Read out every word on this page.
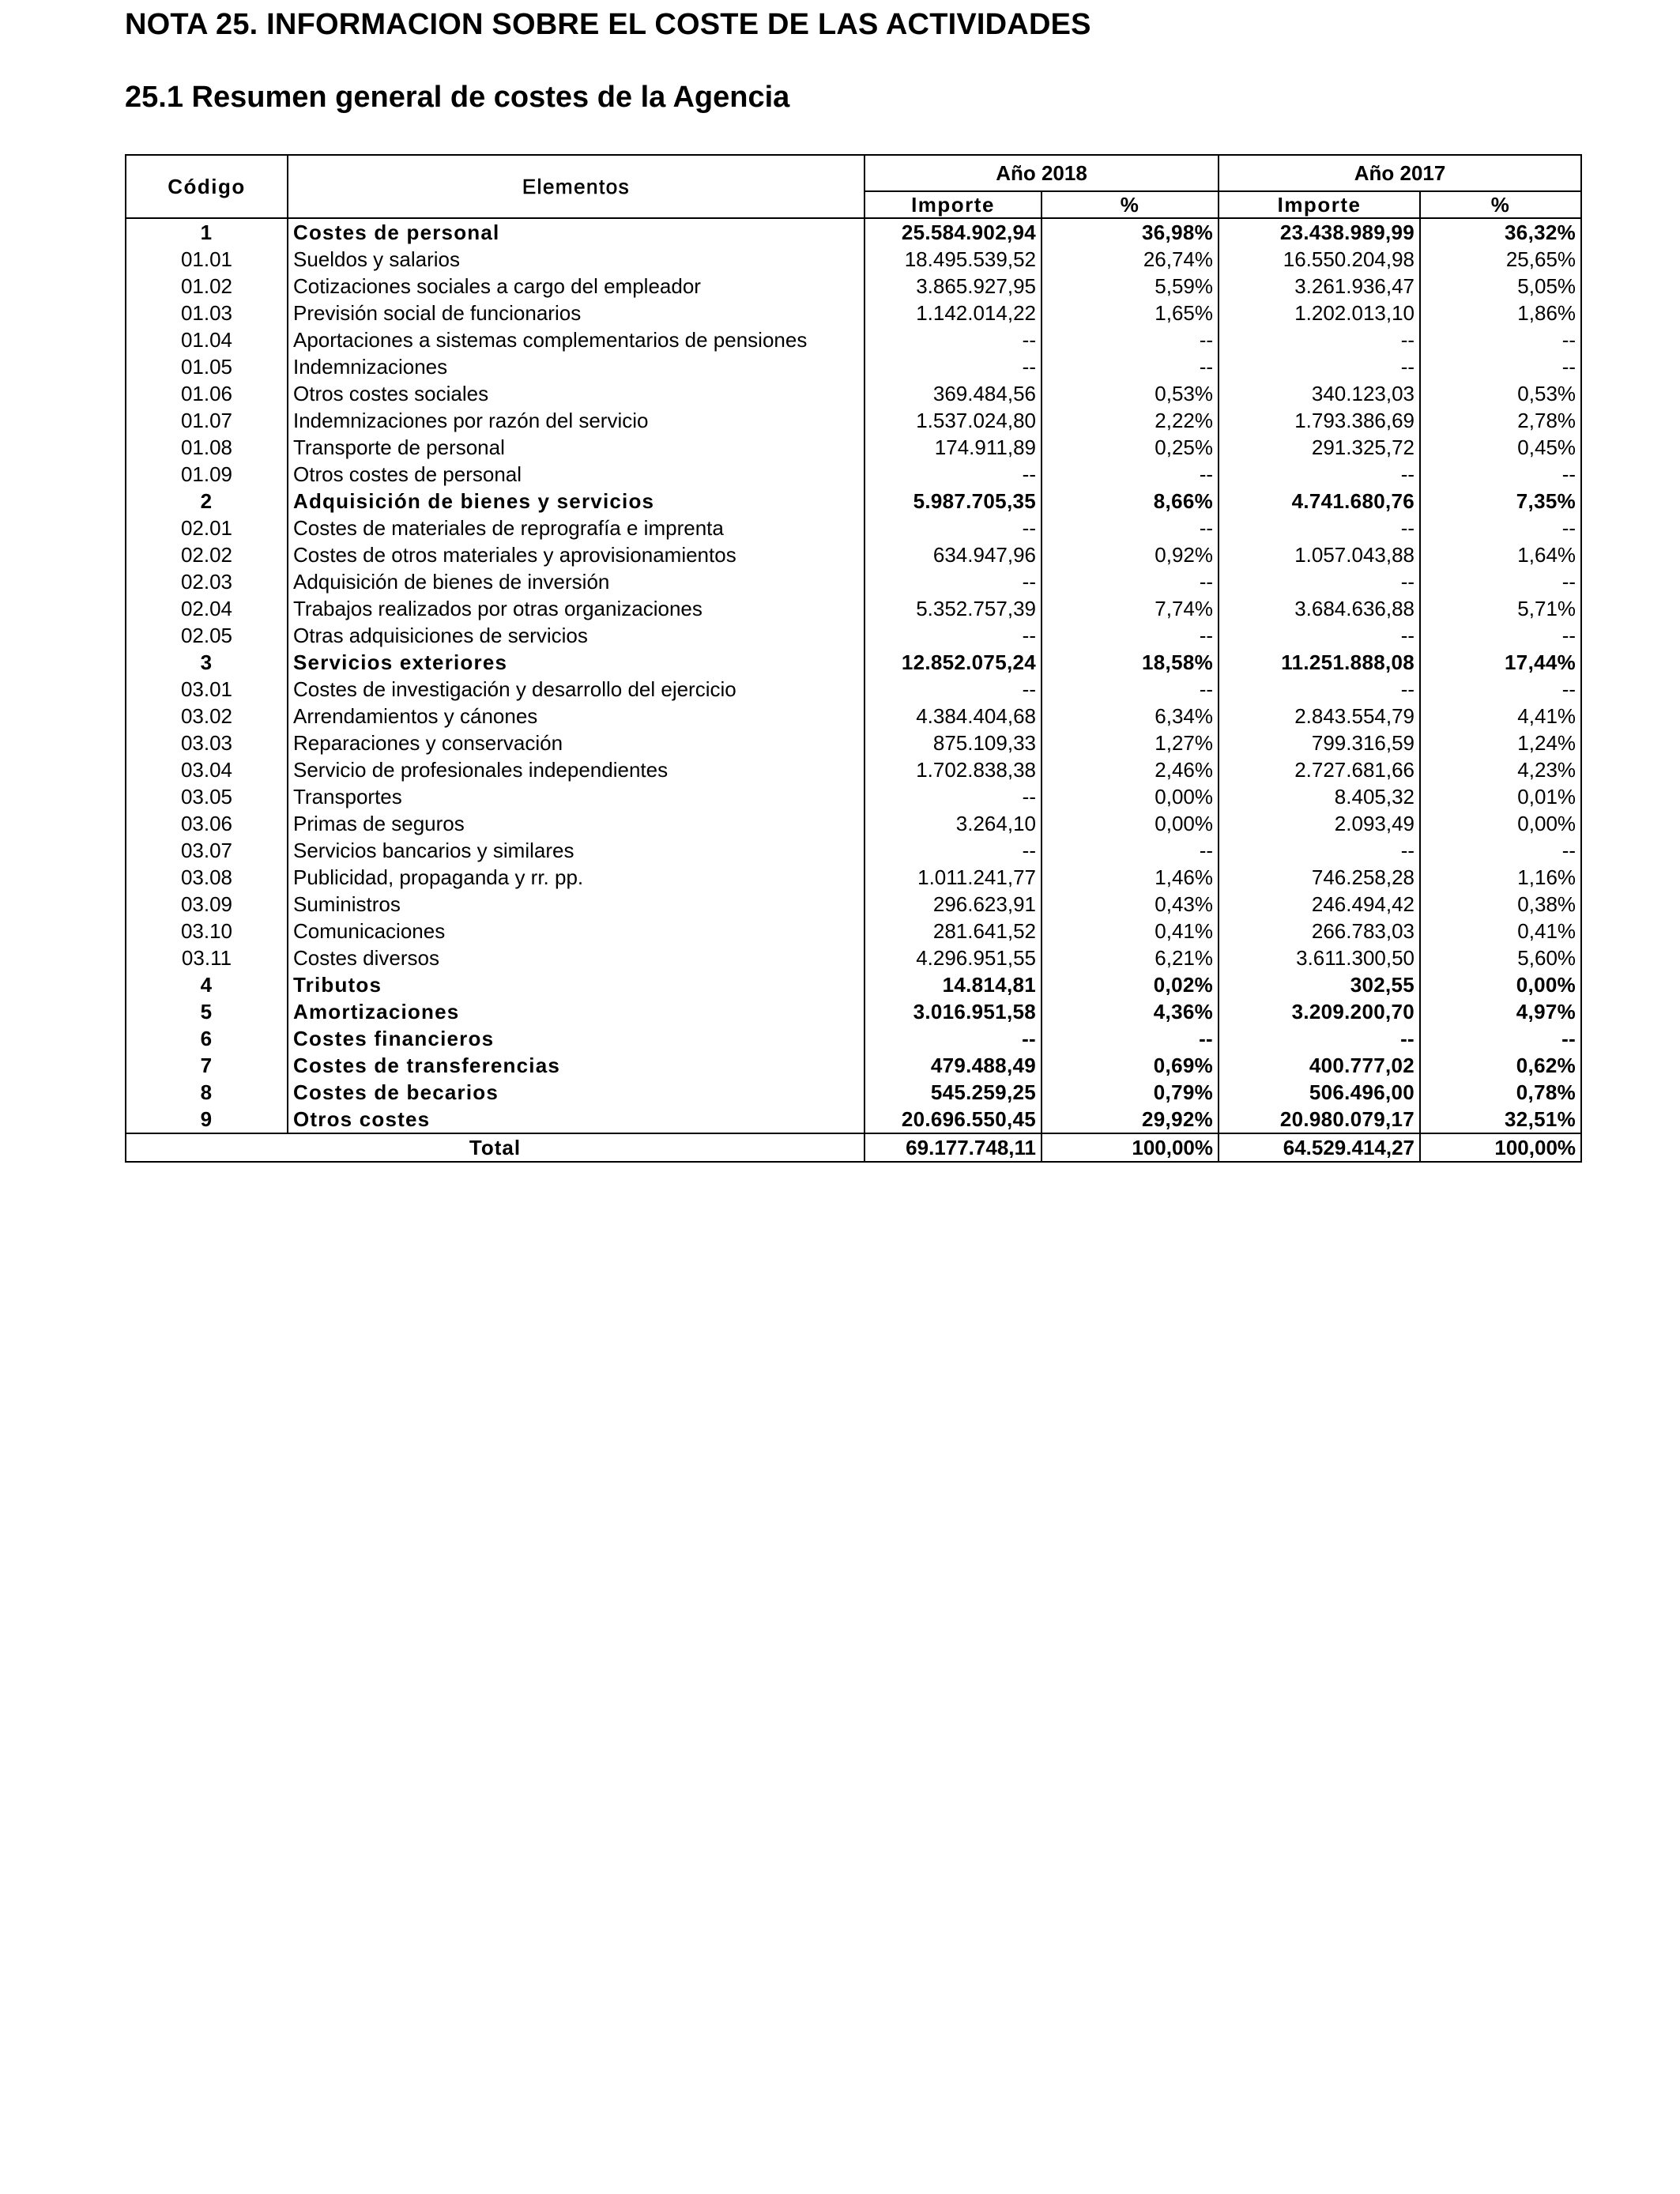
NOTA 25. INFORMACION SOBRE EL COSTE DE LAS ACTIVIDADES
25.1 Resumen general de costes de la Agencia
Código	Elementos	Año 2018		Año 2017	
		Importe	%	Importe	%
1	Costes de personal	25.584.902,94	36,98%	23.438.989,99	36,32%
01.01	Sueldos y salarios	18.495.539,52	26,74%	16.550.204,98	25,65%
01.02	Cotizaciones sociales a cargo del empleador	3.865.927,95	5,59%	3.261.936,47	5,05%
01.03	Previsión social de funcionarios	1.142.014,22	1,65%	1.202.013,10	1,86%
01.04	Aportaciones a sistemas complementarios de pensiones	--	--	--	--
01.05	Indemnizaciones	--	--	--	--
01.06	Otros costes sociales	369.484,56	0,53%	340.123,03	0,53%
01.07	Indemnizaciones por razón del servicio	1.537.024,80	2,22%	1.793.386,69	2,78%
01.08	Transporte de personal	174.911,89	0,25%	291.325,72	0,45%
01.09	Otros costes de personal	--	--	--	--
2	Adquisición de bienes y servicios	5.987.705,35	8,66%	4.741.680,76	7,35%
02.01	Costes de materiales de reprografía e imprenta	--	--	--	--
02.02	Costes de otros materiales y aprovisionamientos	634.947,96	0,92%	1.057.043,88	1,64%
02.03	Adquisición de bienes de inversión	--	--	--	--
02.04	Trabajos realizados por otras organizaciones	5.352.757,39	7,74%	3.684.636,88	5,71%
02.05	Otras adquisiciones de servicios	--	--	--	--
3	Servicios exteriores	12.852.075,24	18,58%	11.251.888,08	17,44%
03.01	Costes de investigación y desarrollo del ejercicio	--	--	--	--
03.02	Arrendamientos y cánones	4.384.404,68	6,34%	2.843.554,79	4,41%
03.03	Reparaciones y conservación	875.109,33	1,27%	799.316,59	1,24%
03.04	Servicio de profesionales independientes	1.702.838,38	2,46%	2.727.681,66	4,23%
03.05	Transportes	--	0,00%	8.405,32	0,01%
03.06	Primas de seguros	3.264,10	0,00%	2.093,49	0,00%
03.07	Servicios bancarios y similares	--	--	--	--
03.08	Publicidad, propaganda y rr. pp.	1.011.241,77	1,46%	746.258,28	1,16%
03.09	Suministros	296.623,91	0,43%	246.494,42	0,38%
03.10	Comunicaciones	281.641,52	0,41%	266.783,03	0,41%
03.11	Costes diversos	4.296.951,55	6,21%	3.611.300,50	5,60%
4	Tributos	14.814,81	0,02%	302,55	0,00%
5	Amortizaciones	3.016.951,58	4,36%	3.209.200,70	4,97%
6	Costes financieros	--	--	--	--
7	Costes de transferencias	479.488,49	0,69%	400.777,02	0,62%
8	Costes de becarios	545.259,25	0,79%	506.496,00	0,78%
9	Otros costes	20.696.550,45	29,92%	20.980.079,17	32,51%
Total		69.177.748,11	100,00%	64.529.414,27	100,00%
